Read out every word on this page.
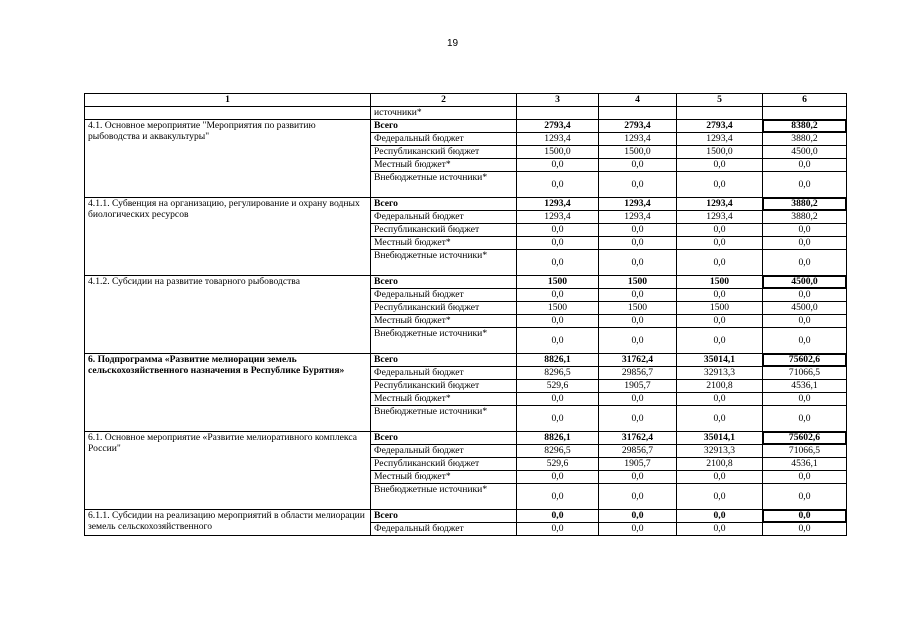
19
1	2	3	4	5	6
	источники*				
4.1. Основное мероприятие "Мероприятия по развитию рыбоводства и аквакультуры"	Всего	2793,4	2793,4	2793,4	8380,2
	Федеральный бюджет	1293,4	1293,4	1293,4	3880,2
	Республиканский бюджет	1500,0	1500,0	1500,0	4500,0
	Местный бюджет*	0,0	0,0	0,0	0,0
	Внебюджетные источники*	0,0	0,0	0,0	0,0
4.1.1. Субвенция на организацию, регулирование и охрану водных биологических ресурсов	Всего	1293,4	1293,4	1293,4	3880,2
	Федеральный бюджет	1293,4	1293,4	1293,4	3880,2
	Республиканский бюджет	0,0	0,0	0,0	0,0
	Местный бюджет*	0,0	0,0	0,0	0,0
	Внебюджетные источники*	0,0	0,0	0,0	0,0
4.1.2. Субсидии на развитие товарного рыбоводства	Всего	1500	1500	1500	4500,0
	Федеральный бюджет	0,0	0,0	0,0	0,0
	Республиканский бюджет	1500	1500	1500	4500,0
	Местный бюджет*	0,0	0,0	0,0	0,0
	Внебюджетные источники*	0,0	0,0	0,0	0,0
6. Подпрограмма «Развитие мелиорации земель сельскохозяйственного назначения в Республике Бурятия»	Всего	8826,1	31762,4	35014,1	75602,6
	Федеральный бюджет	8296,5	29856,7	32913,3	71066,5
	Республиканский бюджет	529,6	1905,7	2100,8	4536,1
	Местный бюджет*	0,0	0,0	0,0	0,0
	Внебюджетные источники*	0,0	0,0	0,0	0,0
6.1. Основное мероприятие «Развитие мелиоративного комплекса России"	Всего	8826,1	31762,4	35014,1	75602,6
	Федеральный бюджет	8296,5	29856,7	32913,3	71066,5
	Республиканский бюджет	529,6	1905,7	2100,8	4536,1
	Местный бюджет*	0,0	0,0	0,0	0,0
	Внебюджетные источники*	0,0	0,0	0,0	0,0
6.1.1. Субсидии на реализацию мероприятий в области мелиорации земель сельскохозяйственного	Всего	0,0	0,0	0,0	0,0
	Федеральный бюджет	0,0	0,0	0,0	0,0
